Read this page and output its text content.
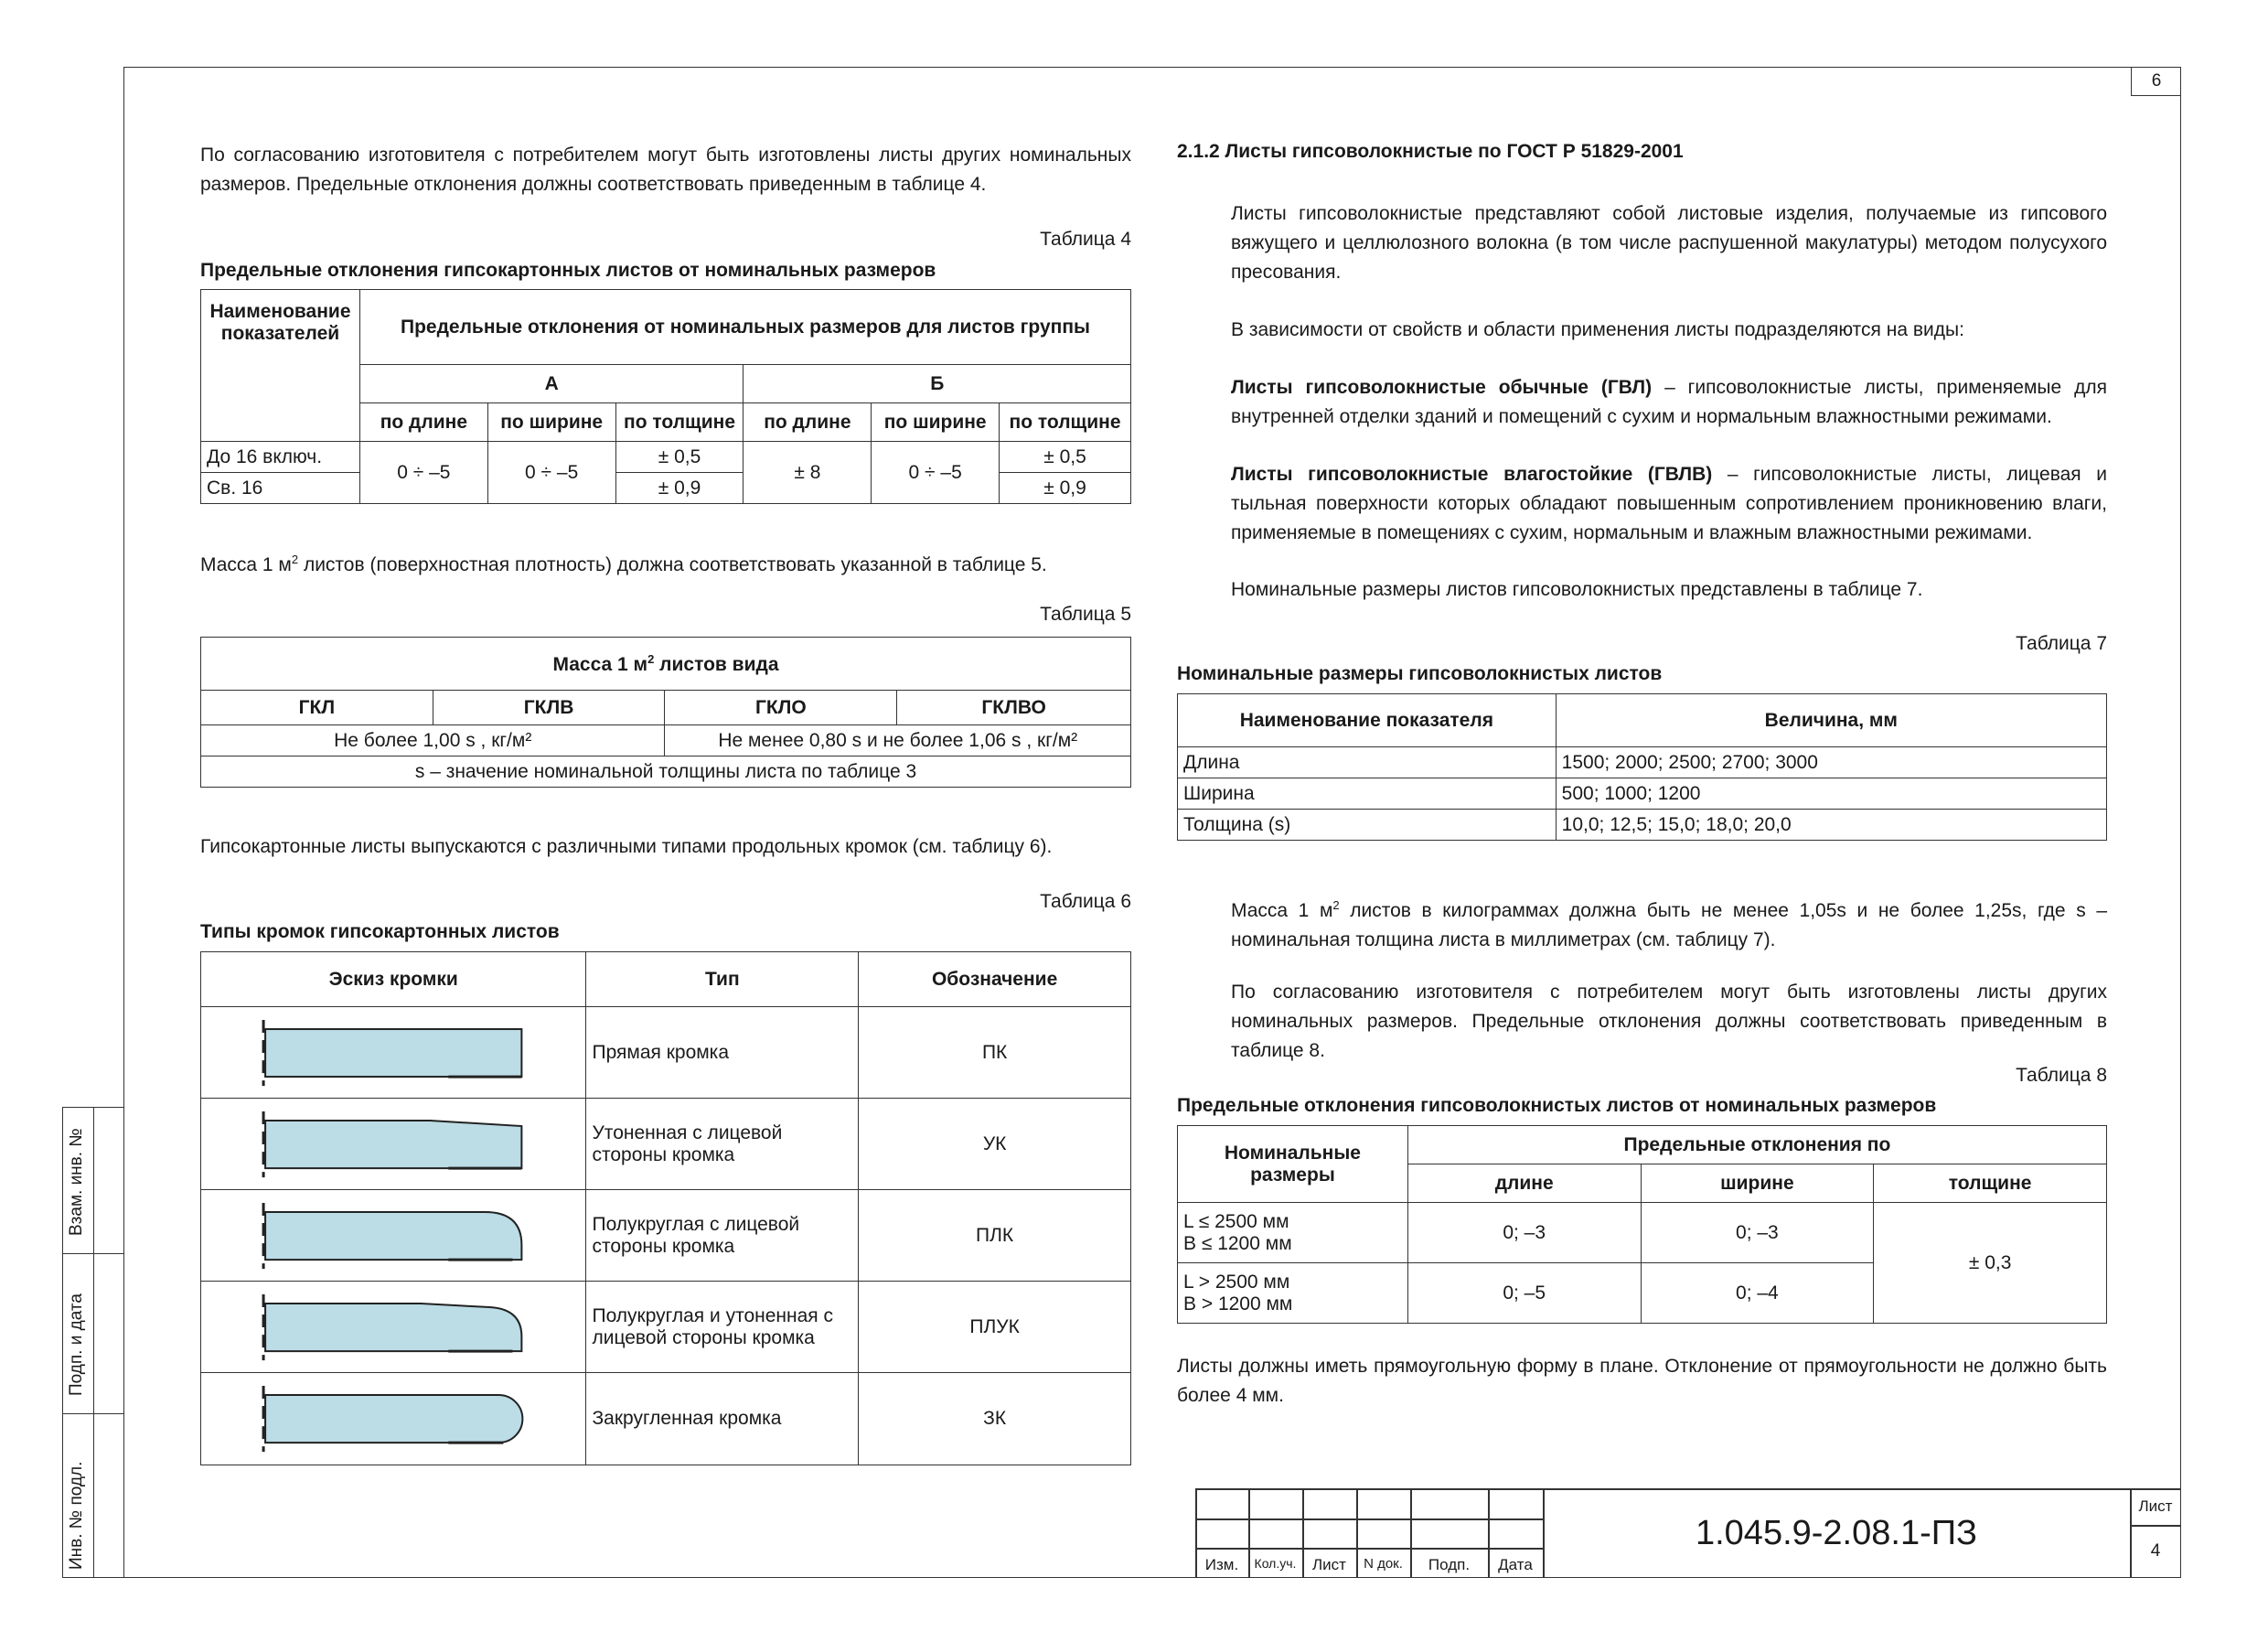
6
Взам. инв. №
Подп. и дата
Инв. № подл.
По согласованию изготовителя с потребителем могут быть изготовлены листы других номинальных размеров. Предельные отклонения должны соответствовать приведенным в таблице 4.
Таблица 4
Предельные отклонения гипсокартонных листов от номинальных размеров
Наименование показателей	Предельные отклонения от номинальных размеров для листов группы					
	А			Б		
	по длине	по ширине	по толщине	по длине	по ширине	по толщине
До 16 включ.	0 ÷ –5	0 ÷ –5	± 0,5	± 8	0 ÷ –5	± 0,5
Св. 16			± 0,9			± 0,9
Масса 1 $м^2$ листов (поверхностная плотность) должна соответствовать указанной в таблице 5.
Таблица 5
Масса 1 $м^2$ листов вида			
ГКЛ	ГКЛВ	ГКЛО	ГКЛВО
Не более 1,00 s , кг/м²		Не менее 0,80 s и не более 1,06 s , кг/м²	
s – значение номинальной толщины листа по таблице 3			
Гипсокартонные листы выпускаются с различными типами продольных кромок (см. таблицу 6).
Таблица 6
Типы кромок гипсокартонных листов
Эскиз кромки	Тип	Обозначение

	Прямая кромка	ПК

	Утоненная с лицевой стороны кромка	УК

	Полукруглая с лицевой стороны кромка	ПЛК

	Полукруглая и утоненная с лицевой стороны кромка	ПЛУК

	Закругленная кромка	ЗК
2.1.2 Листы гипсоволокнистые по ГОСТ Р 51829-2001
Листы гипсоволокнистые представляют собой листовые изделия, получаемые из гипсового вяжущего и целлюлозного волокна (в том числе распушенной макулатуры) методом полусухого пресования.
В зависимости от свойств и области применения листы подразделяются на виды:
Листы гипсоволокнистые обычные (ГВЛ) – гипсоволокнистые листы, применяемые для внутренней отделки зданий и помещений с сухим и нормальным влажностными режимами.
Листы гипсоволокнистые влагостойкие (ГВЛВ) – гипсоволокнистые листы, лицевая и тыльная поверхности которых обладают повышенным сопротивлением проникновению влаги, применяемые в помещениях с сухим, нормальным и влажным влажностными режимами.
Номинальные размеры листов гипсоволокнистых представлены в таблице 7.
Таблица 7
Номинальные размеры гипсоволокнистых листов
Наименование показателя	Величина, мм
Длина	1500; 2000; 2500; 2700; 3000
Ширина	500; 1000; 1200
Толщина (s)	10,0; 12,5; 15,0; 18,0; 20,0
Масса 1 $м^2$ листов в килограммах должна быть не менее 1,05s и не более 1,25s, где s – номинальная толщина листа в миллиметрах (см. таблицу 7).
По согласованию изготовителя с потребителем могут быть изготовлены листы других номинальных размеров. Предельные отклонения должны соответствовать приведенным в таблице 8.
Таблица 8
Предельные отклонения гипсоволокнистых листов от номинальных размеров
Номинальные размеры	Предельные отклонения по		
	длине	ширине	толщине

L ≤ 2500 мм
B ≤ 1200 мм	0; –3	0; –3	± 0,3

L > 2500 мм
B > 1200 мм	0; –5	0; –4	
Листы должны иметь прямоугольную форму в плане. Отклонение от прямоугольности не должно быть более 4 мм.
Изм.	Кол.уч.	Лист	N док.	Подп.	Дата
1.045.9-2.08.1-ПЗ
Лист
4
